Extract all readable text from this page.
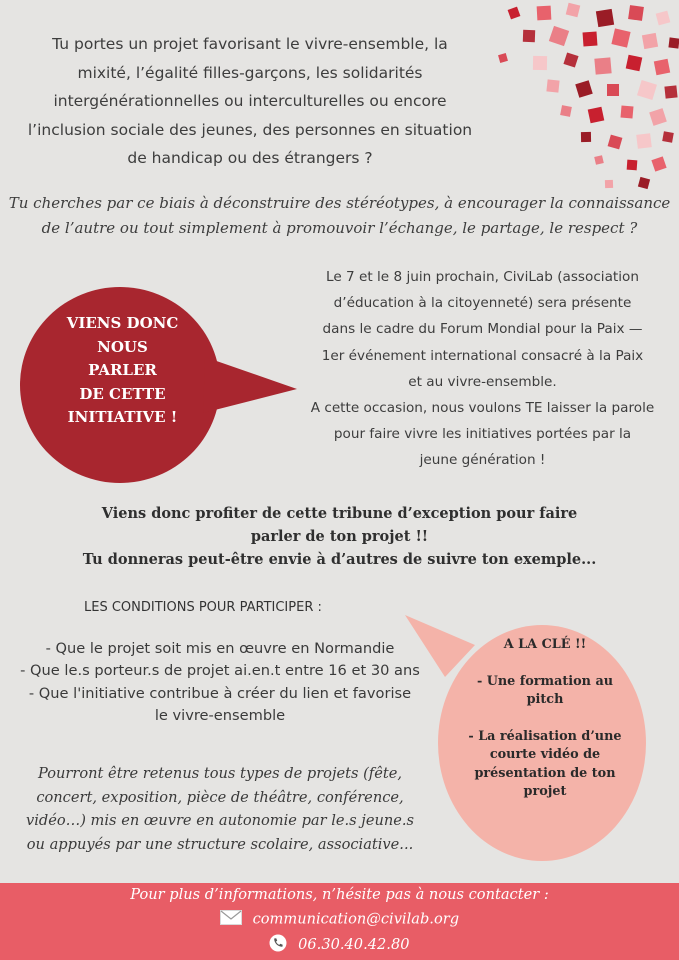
Tu portes un projet favorisant le vivre-ensemble, la
mixité, l’égalité filles-garçons, les solidarités
intergénérationnelles ou interculturelles ou encore
l’inclusion sociale des jeunes, des personnes en situation
de handicap ou des étrangers ?
Tu cherches par ce biais à déconstruire des stéréotypes, à encourager la connaissance
de l’autre ou tout simplement à promouvoir l’échange, le partage, le respect ?
VIENS DONC
NOUS
PARLER
DE CETTE
INITIATIVE !
Le 7 et le 8 juin prochain, CiviLab (association
d’éducation à la citoyenneté) sera présente
dans le cadre du Forum Mondial pour la Paix —
1er événement international consacré à la Paix
et au vivre-ensemble.
A cette occasion, nous voulons TE laisser la parole
pour faire vivre les initiatives portées par la
jeune génération !
Viens donc profiter de cette tribune d’exception pour faire
parler de ton projet !!
Tu donneras peut-être envie à d’autres de suivre ton exemple...
LES CONDITIONS POUR PARTICIPER :
- Que le projet soit mis en œuvre en Normandie
- Que le.s porteur.s de projet ai.en.t entre 16 et 30 ans
- Que l'initiative contribue à créer du lien et favorise
le vivre-ensemble
Pourront être retenus tous types de projets (fête,
concert, exposition, pièce de théâtre, conférence,
vidéo…) mis en œuvre en autonomie par le.s jeune.s
ou appuyés par une structure scolaire, associative...
A LA CLÉ !!
- Une formation au
pitch
- La réalisation d’une
courte vidéo de
présentation de ton
projet
Pour plus d’informations, n’hésite pas à nous contacter :
communication@civilab.org
06.30.40.42.80
